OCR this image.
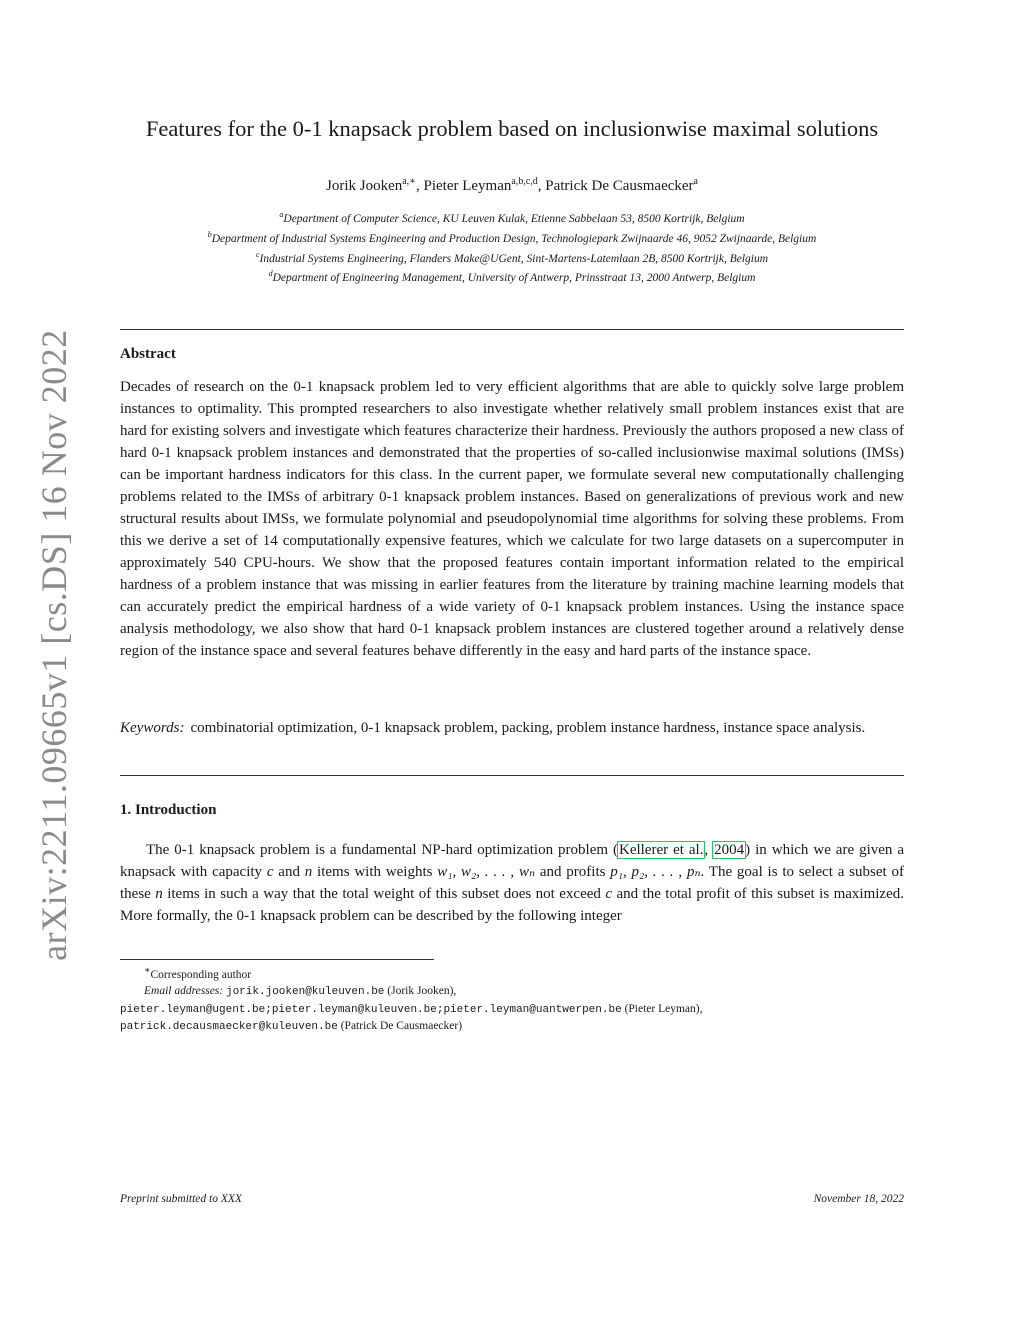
arXiv:2211.09665v1 [cs.DS] 16 Nov 2022
Features for the 0-1 knapsack problem based on inclusionwise maximal solutions
Jorik Jooken$^{a,∗}$, Pieter Leyman$^{a,b,c,d}$, Patrick De Causmaecker$^a$
$^a$Department of Computer Science, KU Leuven Kulak, Etienne Sabbelaan 53, 8500 Kortrijk, Belgium
$^b$Department of Industrial Systems Engineering and Production Design, Technologiepark Zwijnaarde 46, 9052 Zwijnaarde, Belgium
$^c$Industrial Systems Engineering, Flanders Make@UGent, Sint-Martens-Latemlaan 2B, 8500 Kortrijk, Belgium
$^d$Department of Engineering Management, University of Antwerp, Prinsstraat 13, 2000 Antwerp, Belgium
Abstract

Decades of research on the 0-1 knapsack problem led to very efficient algorithms that are able to quickly solve large problem instances to optimality. This prompted researchers to also investigate whether relatively small problem instances exist that are hard for existing solvers and investigate which features characterize their hardness. Previously the authors proposed a new class of hard 0-1 knapsack problem instances and demonstrated that the properties of so-called inclusionwise maximal solutions (IMSs) can be important hardness indicators for this class. In the current paper, we formulate several new computationally challenging problems related to the IMSs of arbitrary 0-1 knapsack problem instances. Based on generalizations of previous work and new structural results about IMSs, we formulate polynomial and pseudopolynomial time algorithms for solving these problems. From this we derive a set of 14 computationally expensive features, which we calculate for two large datasets on a supercomputer in approximately 540 CPU-hours. We show that the proposed features contain important information related to the empirical hardness of a problem instance that was missing in earlier features from the literature by training machine learning models that can accurately predict the empirical hardness of a wide variety of 0-1 knapsack problem instances. Using the instance space analysis methodology, we also show that hard 0-1 knapsack problem instances are clustered together around a relatively dense region of the instance space and several features behave differently in the easy and hard parts of the instance space.

Keywords: combinatorial optimization, 0-1 knapsack problem, packing, problem instance hardness, instance space analysis.

1. Introduction

The 0-1 knapsack problem is a fundamental NP-hard optimization problem (Kellerer et al., 2004) in which we are given a knapsack with capacity c and n items with weights w₁, w₂, . . . , wₙ and profits p₁, p₂, . . . , pₙ. The goal is to select a subset of these n items in such a way that the total weight of this subset does not exceed c and the total profit of this subset is maximized. More formally, the 0-1 knapsack problem can be described by the following integer

∗Corresponding author
Email addresses: jorik.jooken@kuleuven.be (Jorik Jooken),
pieter.leyman@ugent.be;pieter.leyman@kuleuven.be;pieter.leyman@uantwerpen.be (Pieter Leyman),
patrick.decausmaecker@kuleuven.be (Patrick De Causmaecker)
Preprint submitted to XXX	November 18, 2022
